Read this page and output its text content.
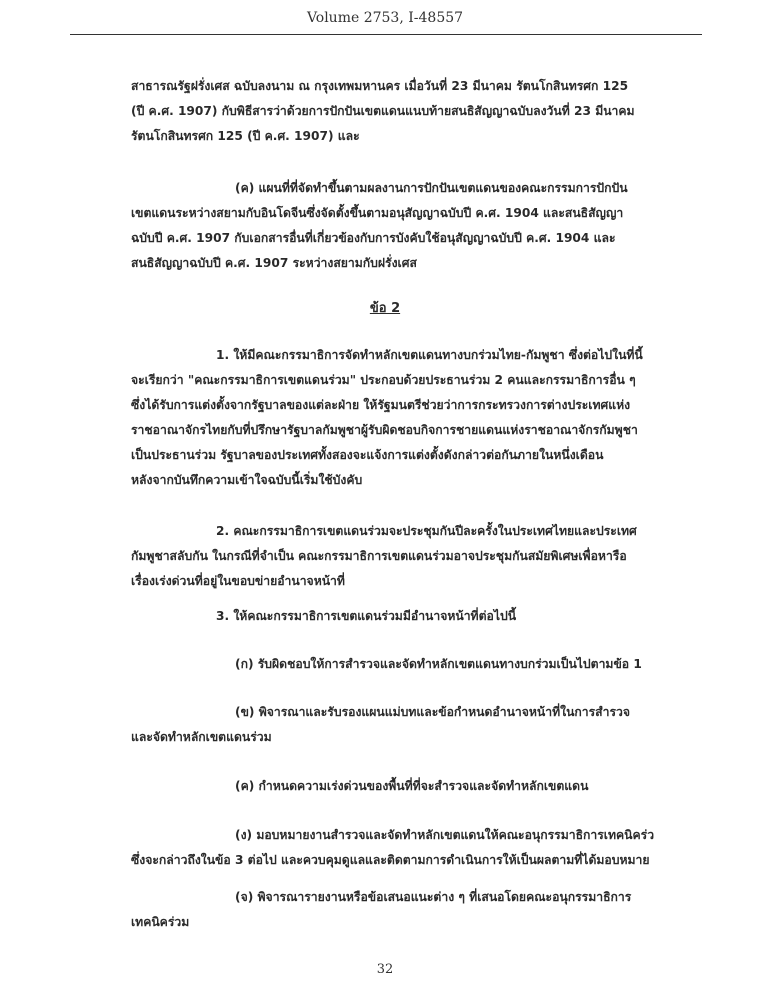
Volume 2753, I-48557
สาธารณรัฐฝรั่งเศส ฉบับลงนาม ณ กรุงเทพมหานคร เมื่อวันที่ 23 มีนาคม รัตนโกสินทรศก 125
(ปี ค.ศ. 1907) กับพิธีสารว่าด้วยการปักปันเขตแดนแนบท้ายสนธิสัญญาฉบับลงวันที่ 23 มีนาคม
รัตนโกสินทรศก 125 (ปี ค.ศ. 1907) และ
(ค) แผนที่ที่จัดทำขึ้นตามผลงานการปักปันเขตแดนของคณะกรรมการปักปัน
เขตแดนระหว่างสยามกับอินโดจีนซึ่งจัดตั้งขึ้นตามอนุสัญญาฉบับปี ค.ศ. 1904 และสนธิสัญญา
ฉบับปี ค.ศ. 1907 กับเอกสารอื่นที่เกี่ยวข้องกับการบังคับใช้อนุสัญญาฉบับปี ค.ศ. 1904 และ
สนธิสัญญาฉบับปี ค.ศ. 1907 ระหว่างสยามกับฝรั่งเศส
ข้อ 2
1. ให้มีคณะกรรมาธิการจัดทำหลักเขตแดนทางบกร่วมไทย-กัมพูชา ซึ่งต่อไปในที่นี้
จะเรียกว่า "คณะกรรมาธิการเขตแดนร่วม" ประกอบด้วยประธานร่วม 2 คนและกรรมาธิการอื่น ๆ
ซึ่งได้รับการแต่งตั้งจากรัฐบาลของแต่ละฝ่าย ให้รัฐมนตรีช่วยว่าการกระทรวงการต่างประเทศแห่ง
ราชอาณาจักรไทยกับที่ปรึกษารัฐบาลกัมพูชาผู้รับผิดชอบกิจการชายแดนแห่งราชอาณาจักรกัมพูชา
เป็นประธานร่วม รัฐบาลของประเทศทั้งสองจะแจ้งการแต่งตั้งดังกล่าวต่อกันภายในหนึ่งเดือน
หลังจากบันทึกความเข้าใจฉบับนี้เริ่มใช้บังคับ
2. คณะกรรมาธิการเขตแดนร่วมจะประชุมกันปีละครั้งในประเทศไทยและประเทศ
กัมพูชาสลับกัน ในกรณีที่จำเป็น คณะกรรมาธิการเขตแดนร่วมอาจประชุมกันสมัยพิเศษเพื่อหารือ
เรื่องเร่งด่วนที่อยู่ในขอบข่ายอำนาจหน้าที่
3. ให้คณะกรรมาธิการเขตแดนร่วมมีอำนาจหน้าที่ต่อไปนี้
(ก) รับผิดชอบให้การสำรวจและจัดทำหลักเขตแดนทางบกร่วมเป็นไปตามข้อ 1
(ข) พิจารณาและรับรองแผนแม่บทและข้อกำหนดอำนาจหน้าที่ในการสำรวจ
และจัดทำหลักเขตแดนร่วม
(ค) กำหนดความเร่งด่วนของพื้นที่ที่จะสำรวจและจัดทำหลักเขตแดน
(ง) มอบหมายงานสำรวจและจัดทำหลักเขตแดนให้คณะอนุกรรมาธิการเทคนิคร่ว
ซึ่งจะกล่าวถึงในข้อ 3 ต่อไป และควบคุมดูแลและติดตามการดำเนินการให้เป็นผลตามที่ได้มอบหมาย
(จ) พิจารณารายงานหรือข้อเสนอแนะต่าง ๆ ที่เสนอโดยคณะอนุกรรมาธิการ
เทคนิคร่วม
32
